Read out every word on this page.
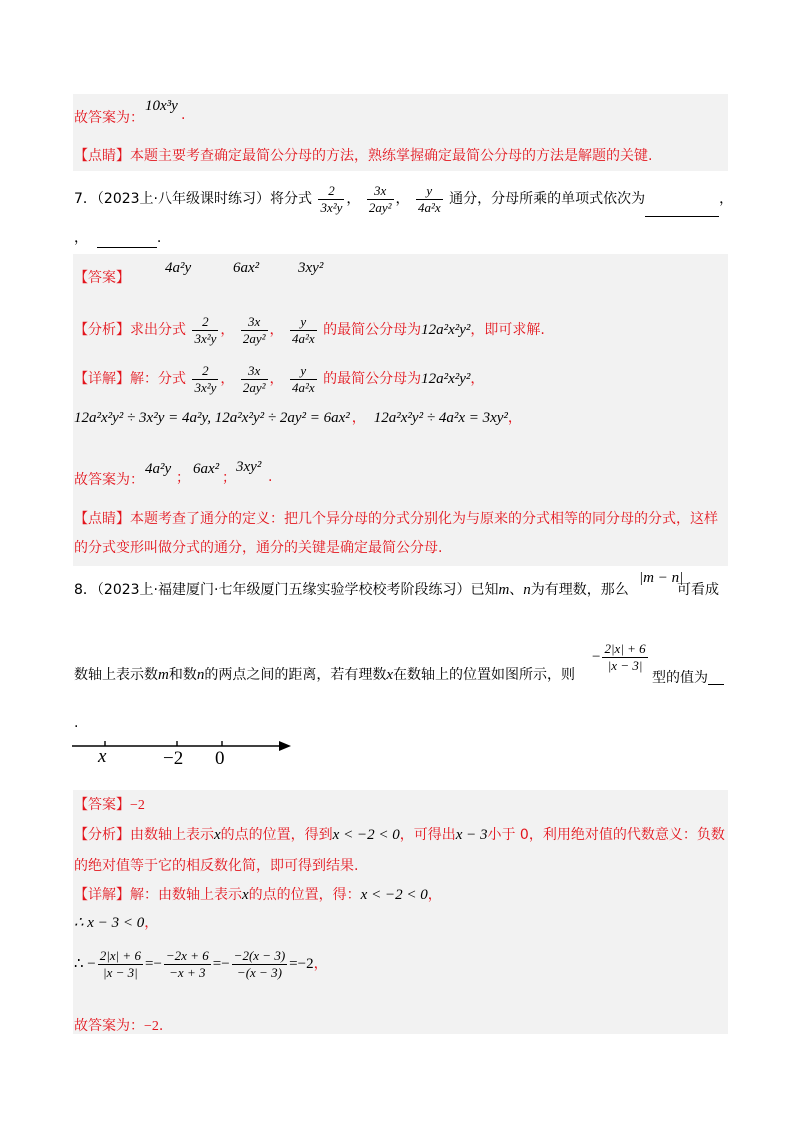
故答案为：
10x³y
.
【点睛】本题主要考查确定最简公分母的方法，熟练掌握确定最简公分母的方法是解题的关键.
7．（2023上·八年级课时练习）将分式 $\frac{2}{\text{3x²y}}$ ， $\frac{3x}{\text{2ay²}}$ ， $\frac{y}{\text{4a²x}}$ 通分，分母所乘的单项式依次为	，
，	.
【答案】
4a²y	6ax²	3xy²
【分析】求出分式 $\frac{2}{\text{3x²y}}$ ， $\frac{3x}{\text{2ay²}}$ ， $\frac{y}{\text{4a²x}}$ 的最简公分母为12a²x²y²，即可求解.
【详解】解：分式 $\frac{2}{\text{3x²y}}$ ， $\frac{3x}{\text{2ay²}}$ ， $\frac{y}{\text{4a²x}}$ 的最简公分母为12a²x²y²，
12a²x²y² ÷ 3x²y = 4a²y, 12a²x²y² ÷ 2ay² = 6ax² ， 12a²x²y² ÷ 4a²x = 3xy²，
故答案为：
4a²y
；
6ax²
；
3xy²
.
【点睛】本题考查了通分的定义：把几个异分母的分式分别化为与原来的分式相等的同分母的分式，这样
的分式变形叫做分式的通分，通分的关键是确定最简公分母.
8．（2023上·福建厦门·七年级厦门五缘实验学校校考阶段练习）已知m、n为有理数，那么
|m − n|
可看成
数轴上表示数m和数n的两点之间的距离，若有理数x在数轴上的位置如图所示，则
− $\frac{2|x| + 6}{|x - 3|}$
型的值为
.
x	−2 0
【答案】−2
【分析】由数轴上表示x的点的位置，得到x < −2 < 0，可得出x − 3小于 0，利用绝对值的代数意义：负数
的绝对值等于它的相反数化简，即可得到结果.
【详解】解：由数轴上表示x的点的位置，得：x < −2 < 0，
∴ x − 3 < 0，
∴ − $\frac{2|x| + 6}{|x - 3|} =- \frac{-2x + 6}{-x + 3} =- \frac{-2(x - 3)}{-(x - 3)} =-2$，
故答案为：−2.
